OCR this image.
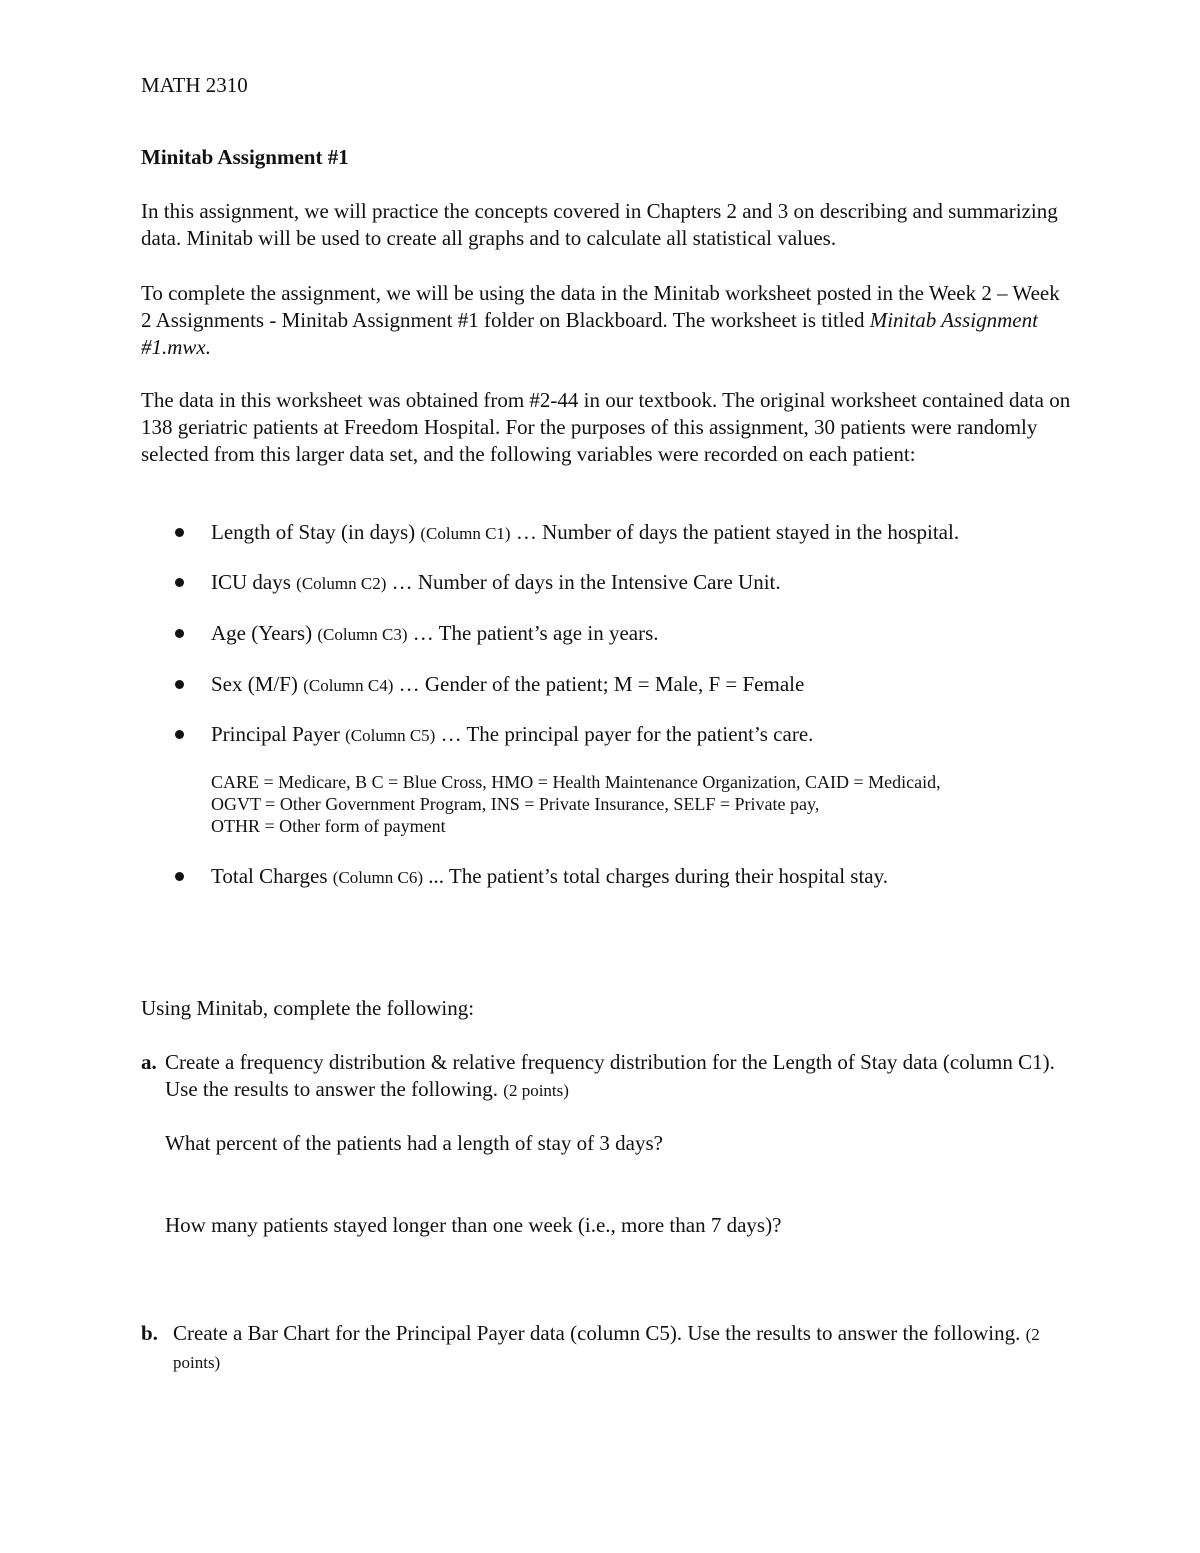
MATH 2310
Minitab Assignment #1
In this assignment, we will practice the concepts covered in Chapters 2 and 3 on describing and summarizing data. Minitab will be used to create all graphs and to calculate all statistical values.
To complete the assignment, we will be using the data in the Minitab worksheet posted in the Week 2 – Week 2 Assignments - Minitab Assignment #1 folder on Blackboard. The worksheet is titled Minitab Assignment #1.mwx.
The data in this worksheet was obtained from #2-44 in our textbook. The original worksheet contained data on 138 geriatric patients at Freedom Hospital. For the purposes of this assignment, 30 patients were randomly selected from this larger data set, and the following variables were recorded on each patient:
Length of Stay (in days) (Column C1) … Number of days the patient stayed in the hospital.
ICU days (Column C2) … Number of days in the Intensive Care Unit.
Age (Years) (Column C3) … The patient’s age in years.
Sex (M/F) (Column C4) … Gender of the patient; M = Male, F = Female
Principal Payer (Column C5) … The principal payer for the patient’s care.
CARE = Medicare, B C = Blue Cross, HMO = Health Maintenance Organization, CAID = Medicaid,
OGVT = Other Government Program, INS = Private Insurance, SELF = Private pay,
OTHR = Other form of payment
Total Charges (Column C6) ... The patient’s total charges during their hospital stay.
Using Minitab, complete the following:
a. Create a frequency distribution & relative frequency distribution for the Length of Stay data (column C1). Use the results to answer the following. (2 points)
What percent of the patients had a length of stay of 3 days?
How many patients stayed longer than one week (i.e., more than 7 days)?
b. Create a Bar Chart for the Principal Payer data (column C5). Use the results to answer the following. (2 points)
